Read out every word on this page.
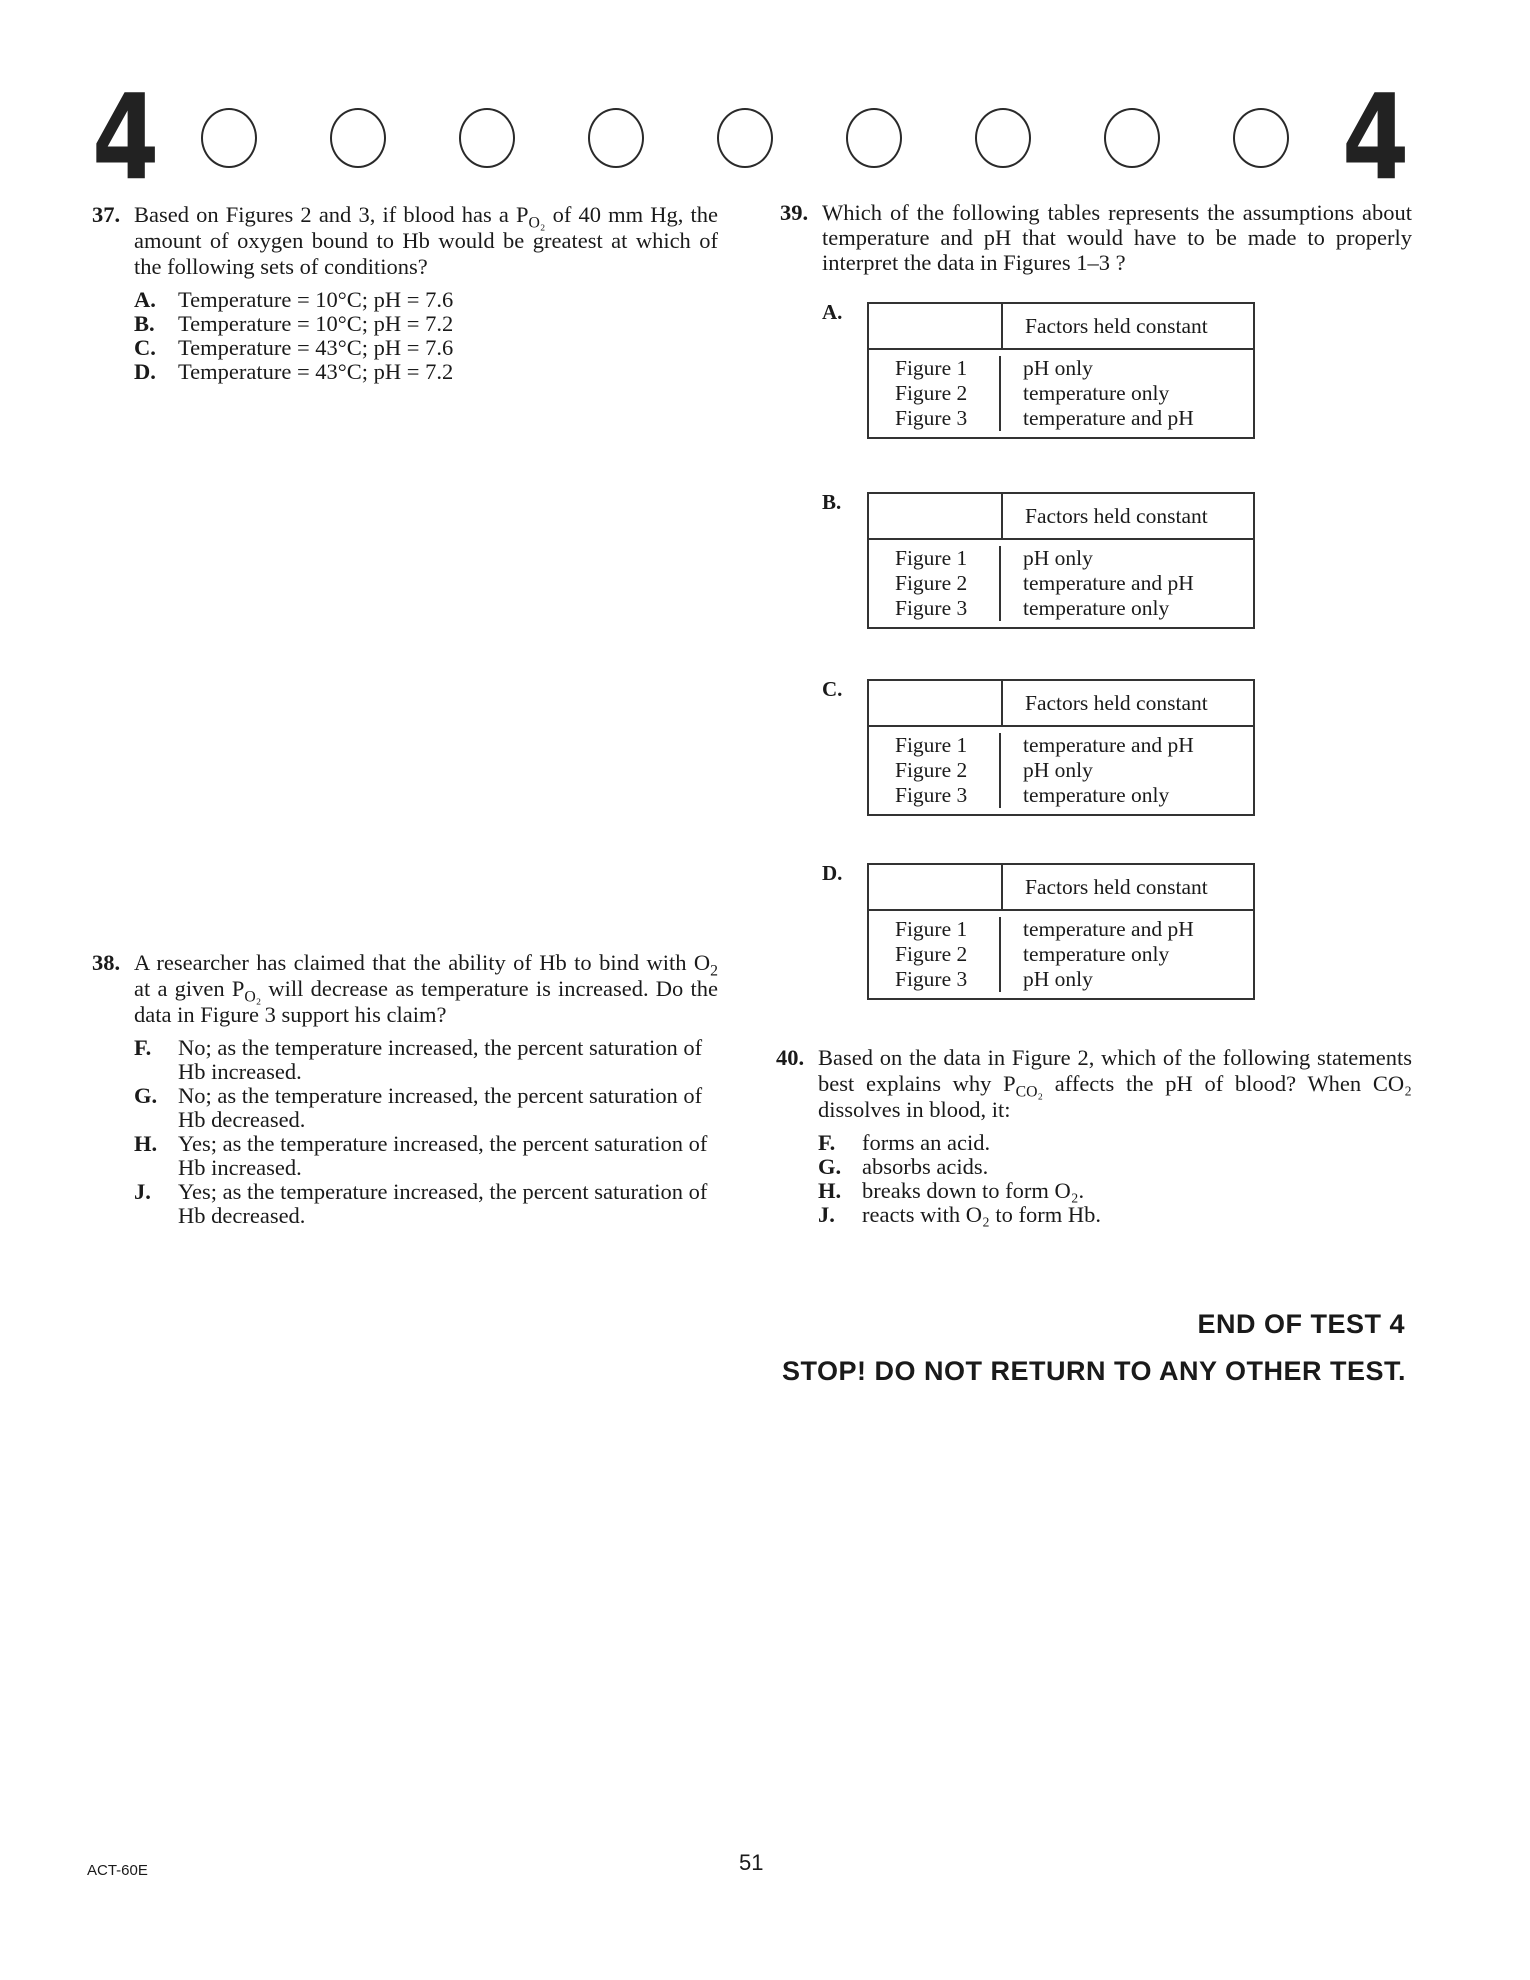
4	4
37. Based on Figures 2 and 3, if blood has a $P_{O_2}$ of 40 mm Hg, the amount of oxygen bound to Hb would be greatest at which of the following sets of conditions?
A. Temperature = 10°C; pH = 7.6
B. Temperature = 10°C; pH = 7.2
C. Temperature = 43°C; pH = 7.6
D. Temperature = 43°C; pH = 7.2
38. A researcher has claimed that the ability of Hb to bind with $O_2$ at a given $P_{O_2}$ will decrease as temperature is increased. Do the data in Figure 3 support his claim?
F. No; as the temperature increased, the percent saturation of Hb increased.
G. No; as the temperature increased, the percent saturation of Hb decreased.
H. Yes; as the temperature increased, the percent saturation of Hb increased.
J. Yes; as the temperature increased, the percent saturation of Hb decreased.
39. Which of the following tables represents the assumptions about temperature and pH that would have to be made to properly interpret the data in Figures 1–3 ?
A.
Factors held constant
Figure 1
Figure 2
Figure 3
pH only
temperature only
temperature and pH
B.
Factors held constant
Figure 1
Figure 2
Figure 3
pH only
temperature and pH
temperature only
C.
Factors held constant
Figure 1
Figure 2
Figure 3
temperature and pH
pH only
temperature only
D.
Factors held constant
Figure 1
Figure 2
Figure 3
temperature and pH
temperature only
pH only
40. Based on the data in Figure 2, which of the following statements best explains why $P_{CO_2}$ affects the pH of blood? When CO₂ dissolves in blood, it:
F. forms an acid.
G. absorbs acids.
H. breaks down to form O₂.
J. reacts with O₂ to form Hb.
END OF TEST 4
STOP! DO NOT RETURN TO ANY OTHER TEST.
ACT-60E	51
